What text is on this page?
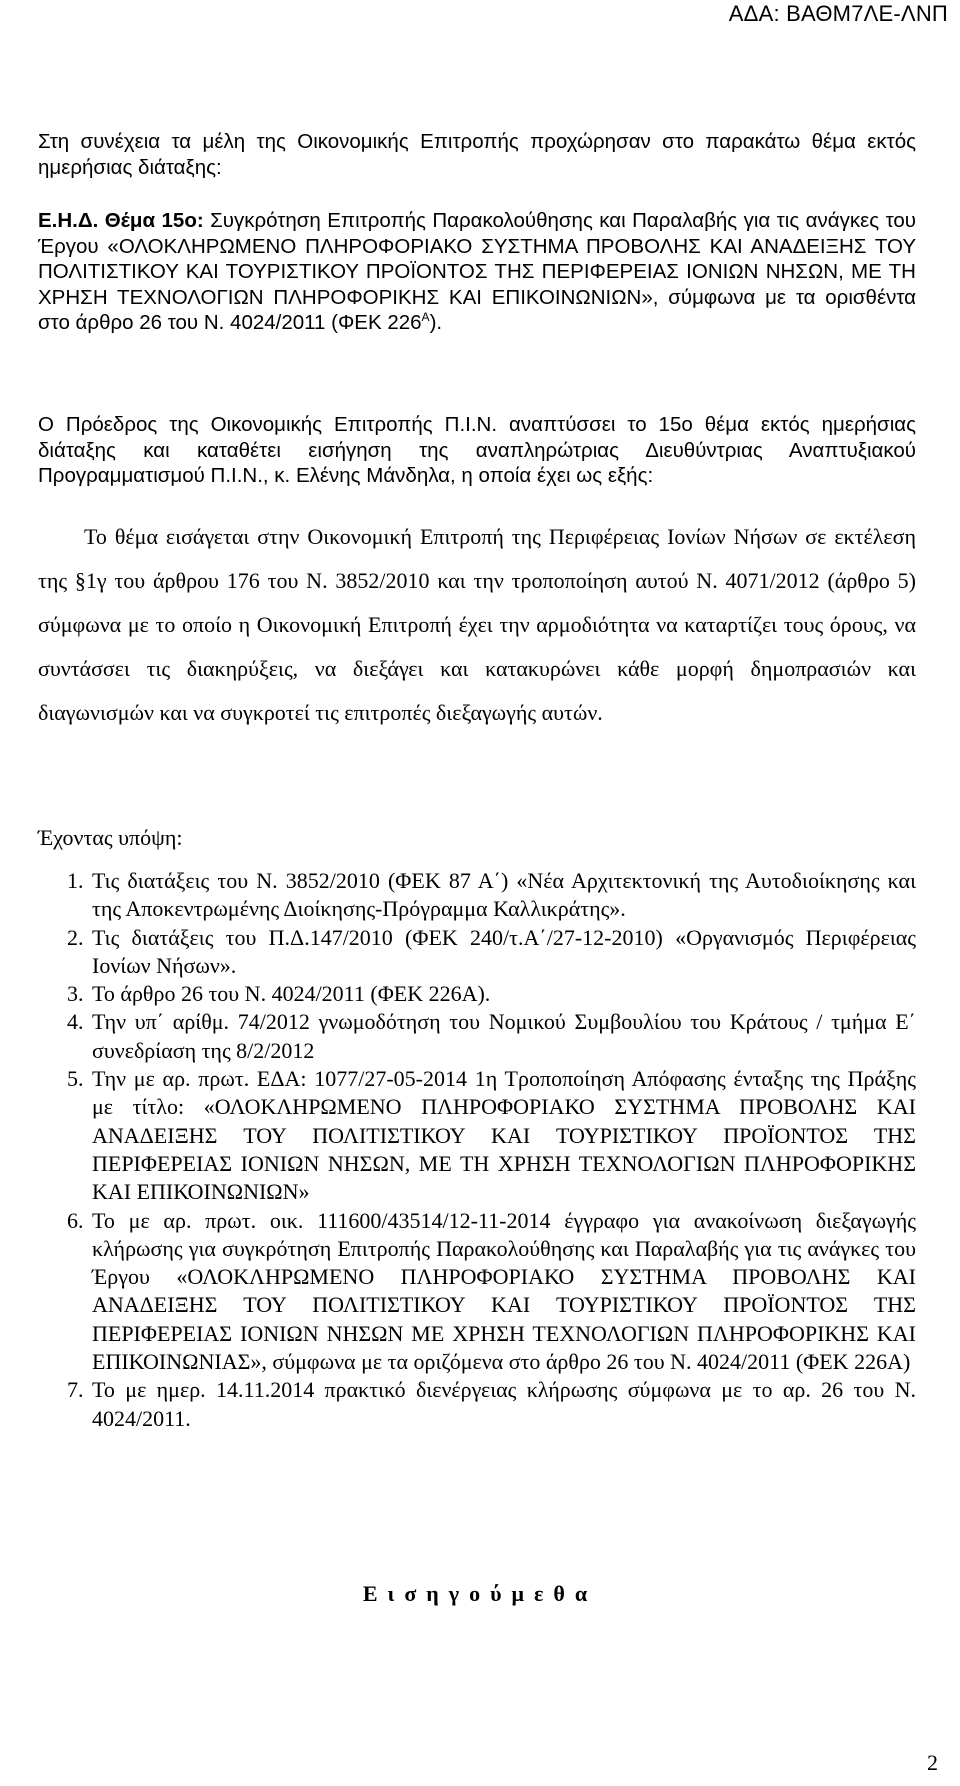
ΑΔΑ: ΒΑΘΜ7ΛΕ-ΛΝΠ

Στη συνέχεια τα μέλη της Οικονομικής Επιτροπής προχώρησαν στο παρακάτω θέμα εκτός ημερήσιας διάταξης:

Ε.Η.Δ. Θέμα 15ο: Συγκρότηση Επιτροπής Παρακολούθησης και Παραλαβής για τις ανάγκες του Έργου «ΟΛΟΚΛΗΡΩΜΕΝΟ ΠΛΗΡΟΦΟΡΙΑΚΟ ΣΥΣΤΗΜΑ ΠΡΟΒΟΛΗΣ ΚΑΙ ΑΝΑΔΕΙΞΗΣ ΤΟΥ ΠΟΛΙΤΙΣΤΙΚΟΥ ΚΑΙ ΤΟΥΡΙΣΤΙΚΟΥ ΠΡΟΪΟΝΤΟΣ ΤΗΣ ΠΕΡΙΦΕΡΕΙΑΣ ΙΟΝΙΩΝ ΝΗΣΩΝ, ΜΕ ΤΗ ΧΡΗΣΗ ΤΕΧΝΟΛΟΓΙΩΝ ΠΛΗΡΟΦΟΡΙΚΗΣ ΚΑΙ ΕΠΙΚΟΙΝΩΝΙΩΝ», σύμφωνα με τα ορισθέντα στο άρθρο 26 του Ν. 4024/2011 (ΦΕΚ $226^A$).

Ο Πρόεδρος της Οικονομικής Επιτροπής Π.Ι.Ν. αναπτύσσει το 15ο θέμα εκτός ημερήσιας διάταξης και καταθέτει εισήγηση της αναπληρώτριας Διευθύντριας Αναπτυξιακού Προγραμματισμού Π.Ι.Ν., κ. Ελένης Μάνδηλα, η οποία έχει ως εξής:

Το θέμα εισάγεται στην Οικονομική Επιτροπή της Περιφέρειας Ιονίων Νήσων σε εκτέλεση της §1γ του άρθρου 176 του Ν. 3852/2010 και την τροποποίηση αυτού Ν. 4071/2012 (άρθρο 5) σύμφωνα με το οποίο η Οικονομική Επιτροπή έχει την αρμοδιότητα να καταρτίζει τους όρους, να συντάσσει τις διακηρύξεις, να διεξάγει και κατακυρώνει κάθε μορφή δημοπρασιών και διαγωνισμών και να συγκροτεί τις επιτροπές διεξαγωγής αυτών.

Έχοντας υπόψη:

1. Τις διατάξεις του Ν. 3852/2010 (ΦΕΚ 87 Α΄) «Νέα Αρχιτεκτονική της Αυτοδιοίκησης και της Αποκεντρωμένης Διοίκησης-Πρόγραμμα Καλλικράτης».
2. Τις διατάξεις του Π.Δ.147/2010 (ΦΕΚ 240/τ.Α΄/27-12-2010) «Οργανισμός Περιφέρειας Ιονίων Νήσων».
3. Το άρθρο 26 του Ν. 4024/2011 (ΦΕΚ 226Α).
4. Την υπ΄ αρίθμ. 74/2012 γνωμοδότηση του Νομικού Συμβουλίου του Κράτους / τμήμα Ε΄ συνεδρίαση της 8/2/2012
5. Την με αρ. πρωτ. ΕΔΑ: 1077/27-05-2014 1η Τροποποίηση Απόφασης ένταξης της Πράξης με τίτλο: «ΟΛΟΚΛΗΡΩΜΕΝΟ ΠΛΗΡΟΦΟΡΙΑΚΟ ΣΥΣΤΗΜΑ ΠΡΟΒΟΛΗΣ ΚΑΙ ΑΝΑΔΕΙΞΗΣ ΤΟΥ ΠΟΛΙΤΙΣΤΙΚΟΥ ΚΑΙ ΤΟΥΡΙΣΤΙΚΟΥ ΠΡΟΪΟΝΤΟΣ ΤΗΣ ΠΕΡΙΦΕΡΕΙΑΣ ΙΟΝΙΩΝ ΝΗΣΩΝ, ΜΕ ΤΗ ΧΡΗΣΗ ΤΕΧΝΟΛΟΓΙΩΝ ΠΛΗΡΟΦΟΡΙΚΗΣ ΚΑΙ ΕΠΙΚΟΙΝΩΝΙΩΝ»
6. Το με αρ. πρωτ. οικ. 111600/43514/12-11-2014 έγγραφο για ανακοίνωση διεξαγωγής κλήρωσης για συγκρότηση Επιτροπής Παρακολούθησης και Παραλαβής για τις ανάγκες του Έργου «ΟΛΟΚΛΗΡΩΜΕΝΟ ΠΛΗΡΟΦΟΡΙΑΚΟ ΣΥΣΤΗΜΑ ΠΡΟΒΟΛΗΣ ΚΑΙ ΑΝΑΔΕΙΞΗΣ ΤΟΥ ΠΟΛΙΤΙΣΤΙΚΟΥ ΚΑΙ ΤΟΥΡΙΣΤΙΚΟΥ ΠΡΟΪΟΝΤΟΣ ΤΗΣ ΠΕΡΙΦΕΡΕΙΑΣ ΙΟΝΙΩΝ ΝΗΣΩΝ ΜΕ ΧΡΗΣΗ ΤΕΧΝΟΛΟΓΙΩΝ ΠΛΗΡΟΦΟΡΙΚΗΣ ΚΑΙ ΕΠΙΚΟΙΝΩΝΙΑΣ», σύμφωνα με τα οριζόμενα στο άρθρο 26 του Ν. 4024/2011 (ΦΕΚ 226Α)
7. Το με ημερ. 14.11.2014 πρακτικό διενέργειας κλήρωσης σύμφωνα με το αρ. 26 του Ν. 4024/2011.
Εισηγούμεθα
2
